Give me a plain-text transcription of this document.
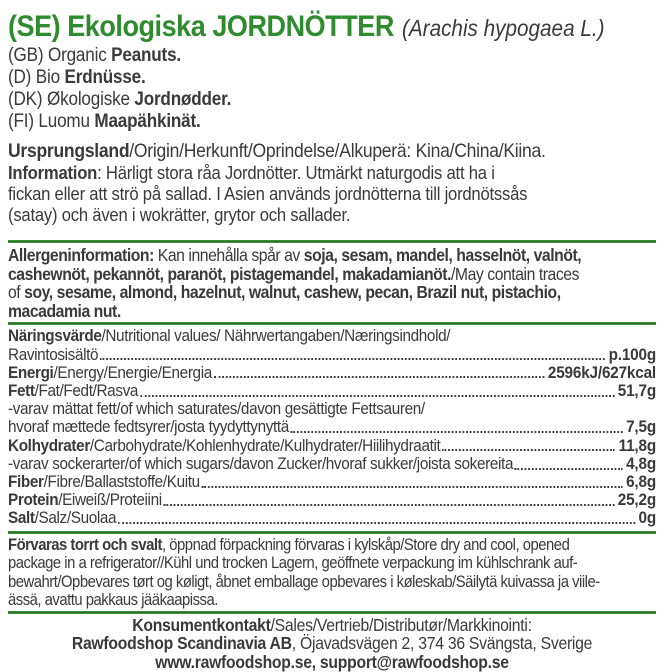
(SE) Ekologiska JORDNÖTTER (Arachis hypogaea L.)
(GB) Organic Peanuts.
(D) Bio Erdnüsse.
(DK) Økologiske Jordnødder.
(FI) Luomu Maapähkinät.
Ursprungsland/Origin/Herkunft/Oprindelse/Alkuperä: Kina/China/Kiina.
Information: Härligt stora råa Jordnötter. Utmärkt naturgodis att ha i
fickan eller att strö på sallad. I Asien används jordnötterna till jordnötssås
(satay) och även i wokrätter, grytor och sallader.
Allergeninformation: Kan innehålla spår av soja, sesam, mandel, hasselnöt, valnöt,
cashewnöt, pekannöt, paranöt, pistagemandel, makadamianöt./May contain traces
of soy, sesame, almond, hazelnut, walnut, cashew, pecan, Brazil nut, pistachio,
macadamia nut.
Näringsvärde/Nutritional values/ Nährwertangaben/Næringsindhold/
Ravintosisältö	p.100g
Energi/Energy/Energie/Energia	2596kJ/627kcal
Fett/Fat/Fedt/Rasva	51,7g
-varav mättat fett/of which saturates/davon gesättigte Fettsauren/
hvoraf mættede fedtsyrer/josta tyydyttynyttä	7,5g
Kolhydrater/Carbohydrate/Kohlenhydrate/Kulhydrater/Hiilihydraatit	11,8g
-varav sockerarter/of which sugars/davon Zucker/hvoraf sukker/joista sokereita	4,8g
Fiber/Fibre/Ballaststoffe/Kuitu	6,8g
Protein/Eiweiß/Proteiini	25,2g
Salt/Salz/Suolaa	0g
Förvaras torrt och svalt, öppnad förpackning förvaras i kylskåp/Store dry and cool, opened
package in a refrigerator//Kühl und trocken Lagern, geöffnete verpackung im kühlschrank auf-
bewahrt/Opbevares tørt og køligt, åbnet emballage opbevares i køleskab/Säilytä kuivassa ja viile-
ässä, avattu pakkaus jääkaapissa.
Konsumentkontakt/Sales/Vertrieb/Distributør/Markkinointi:
Rawfoodshop Scandinavia AB, Öjavadsvägen 2, 374 36 Svängsta, Sverige
www.rawfoodshop.se, support@rawfoodshop.se
